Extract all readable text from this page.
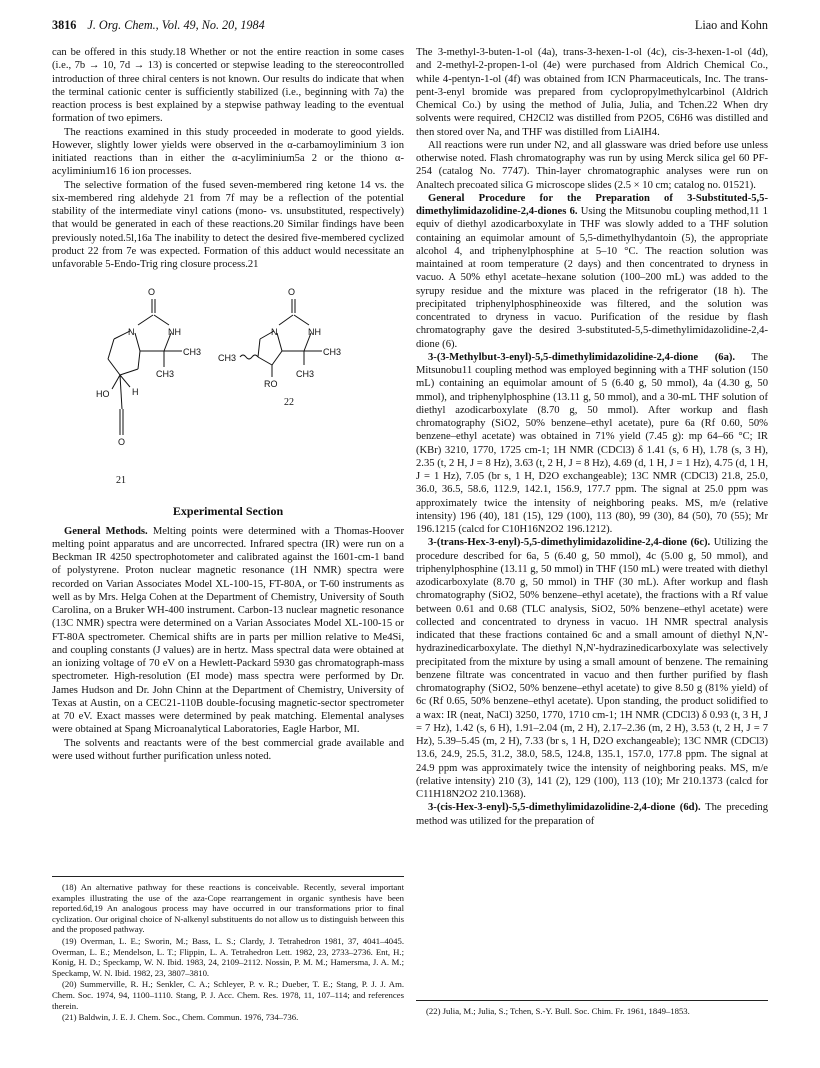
3816 J. Org. Chem., Vol. 49, No. 20, 1984	Liao and Kohn

can be offered in this study.18 Whether or not the entire reaction in some cases (i.e., 7b → 10, 7d → 13) is concerted or stepwise leading to the stereocontrolled introduction of three chiral centers is not known. Our results do indicate that when the terminal cationic center is sufficiently stabilized (i.e., beginning with 7a) the reaction process is best explained by a stepwise pathway leading to the eventual formation of two epimers.

The reactions examined in this study proceeded in moderate to good yields. However, slightly lower yields were observed in the α-carbamoyliminium 3 ion initiated reactions than in either the α-acyliminium5a 2 or the thiono α-acyliminium16 16 ion processes.

The selective formation of the fused seven-membered ring ketone 14 vs. the six-membered ring aldehyde 21 from 7f may be a reflection of the potential stability of the intermediate vinyl cations (mono- vs. unsubstituted, respectively) that would be generated in each of these reactions.20 Similar findings have been previously noted.5l,16a The inability to detect the desired five-membered cyclized product 22 from 7e was expected. Formation of this adduct would necessitate an unfavorable 5-Endo-Trig ring closure process.21

O
N	NH
CH3
CH3
HO	H
O
21
O
N	NH
CH3
CH3
RO
CH3
22
Experimental Section

General Methods. Melting points were determined with a Thomas-Hoover melting point apparatus and are uncorrected. Infrared spectra (IR) were run on a Beckman IR 4250 spectrophotometer and calibrated against the 1601-cm-1 band of polystyrene. Proton nuclear magnetic resonance (1H NMR) spectra were recorded on Varian Associates Model XL-100-15, FT-80A, or T-60 instruments as well as by Mrs. Helga Cohen at the Department of Chemistry, University of South Carolina, on a Bruker WH-400 instrument. Carbon-13 nuclear magnetic resonance (13C NMR) spectra were determined on a Varian Associates Model XL-100-15 or FT-80A spectrometer. Chemical shifts are in parts per million relative to Me4Si, and coupling constants (J values) are in hertz. Mass spectral data were obtained at an ionizing voltage of 70 eV on a Hewlett-Packard 5930 gas chromatograph-mass spectrometer. High-resolution (EI mode) mass spectra were performed by Dr. James Hudson and Dr. John Chinn at the Department of Chemistry, University of Texas at Austin, on a CEC21-110B double-focusing magnetic-sector spectrometer at 70 eV. Exact masses were determined by peak matching. Elemental analyses were obtained at Spang Microanalytical Laboratories, Eagle Harbor, MI.

The solvents and reactants were of the best commercial grade available and were used without further purification unless noted.

(18) An alternative pathway for these reactions is conceivable. Recently, several important examples illustrating the use of the aza-Cope rearrangement in organic synthesis have been reported.6d,19 An analogous process may have occurred in our transformations prior to final cyclization. Our original choice of N-alkenyl substituents do not allow us to distinguish between this and the proposed pathway.

(19) Overman, L. E.; Sworin, M.; Bass, L. S.; Clardy, J. Tetrahedron 1981, 37, 4041–4045. Overman, L. E.; Mendelson, L. T.; Flippin, L. A. Tetrahedron Lett. 1982, 23, 2733–2736. Ent, H.; Konig, H. D.; Speckamp, W. N. Ibid. 1983, 24, 2109–2112. Nossin, P. M. M.; Hamersma, J. A. M.; Speckamp, W. N. Ibid. 1982, 23, 3807–3810.

(20) Summerville, R. H.; Senkler, C. A.; Schleyer, P. v. R.; Dueber, T. E.; Stang, P. J. J. Am. Chem. Soc. 1974, 94, 1100–1110. Stang, P. J. Acc. Chem. Res. 1978, 11, 107–114; and references therein.

(21) Baldwin, J. E. J. Chem. Soc., Chem. Commun. 1976, 734–736.

The 3-methyl-3-buten-1-ol (4a), trans-3-hexen-1-ol (4c), cis-3-hexen-1-ol (4d), and 2-methyl-2-propen-1-ol (4e) were purchased from Aldrich Chemical Co., while 4-pentyn-1-ol (4f) was obtained from ICN Pharmaceuticals, Inc. The trans-pent-3-enyl bromide was prepared from cyclopropylmethylcarbinol (Aldrich Chemical Co.) by using the method of Julia, Julia, and Tchen.22 When dry solvents were required, CH2Cl2 was distilled from P2O5, C6H6 was distilled and then stored over Na, and THF was distilled from LiAlH4.

All reactions were run under N2, and all glassware was dried before use unless otherwise noted. Flash chromatography was run by using Merck silica gel 60 PF-254 (catalog No. 7747). Thin-layer chromatographic analyses were run on Analtech precoated silica G microscope slides (2.5 × 10 cm; catalog no. 01521).

General Procedure for the Preparation of 3-Substituted-5,5-dimethylimidazolidine-2,4-diones 6. Using the Mitsunobu coupling method,11 1 equiv of diethyl azodicarboxylate in THF was slowly added to a THF solution containing an equimolar amount of 5,5-dimethylhydantoin (5), the appropriate alcohol 4, and triphenylphosphine at 5–10 °C. The reaction solution was maintained at room temperature (2 days) and then concentrated to dryness in vacuo. A 50% ethyl acetate–hexane solution (100–200 mL) was added to the syrupy residue and the mixture was placed in the refrigerator (18 h). The precipitated triphenylphosphineoxide was filtered, and the solution was concentrated to dryness in vacuo. Purification of the residue by flash chromatography gave the desired 3-substituted-5,5-dimethylimidazolidine-2,4-dione (6).

3-(3-Methylbut-3-enyl)-5,5-dimethylimidazolidine-2,4-dione (6a). The Mitsunobu11 coupling method was employed beginning with a THF solution (150 mL) containing an equimolar amount of 5 (6.40 g, 50 mmol), 4a (4.30 g, 50 mmol), and triphenylphosphine (13.11 g, 50 mmol), and a 30-mL THF solution of diethyl azodicarboxylate (8.70 g, 50 mmol). After workup and flash chromatography (SiO2, 50% benzene–ethyl acetate), pure 6a (Rf 0.60, 50% benzene–ethyl acetate) was obtained in 71% yield (7.45 g): mp 64–66 °C; IR (KBr) 3210, 1770, 1725 cm-1; 1H NMR (CDCl3) δ 1.41 (s, 6 H), 1.78 (s, 3 H), 2.35 (t, 2 H, J = 8 Hz), 3.63 (t, 2 H, J = 8 Hz), 4.69 (d, 1 H, J = 1 Hz), 4.75 (d, 1 H, J = 1 Hz), 7.05 (br s, 1 H, D2O exchangeable); 13C NMR (CDCl3) 21.8, 25.0, 36.0, 36.5, 58.6, 112.9, 142.1, 156.9, 177.7 ppm. The signal at 25.0 ppm was approximately twice the intensity of neighboring peaks. MS, m/e (relative intensity) 196 (40), 181 (15), 129 (100), 113 (80), 99 (30), 84 (50), 70 (55); Mr 196.1215 (calcd for C10H16N2O2 196.1212).

3-(trans-Hex-3-enyl)-5,5-dimethylimidazolidine-2,4-dione (6c). Utilizing the procedure described for 6a, 5 (6.40 g, 50 mmol), 4c (5.00 g, 50 mmol), and triphenylphosphine (13.11 g, 50 mmol) in THF (150 mL) were treated with diethyl azodicarboxylate (8.70 g, 50 mmol) in THF (30 mL). After workup and flash chromatography (SiO2, 50% benzene–ethyl acetate), the fractions with a Rf value between 0.61 and 0.68 (TLC analysis, SiO2, 50% benzene–ethyl acetate) were collected and concentrated to dryness in vacuo. 1H NMR spectral analysis indicated that these fractions contained 6c and a small amount of diethyl N,N'-hydrazinedicarboxylate. The diethyl N,N'-hydrazinedicarboxylate was selectively precipitated from the mixture by using a small amount of benzene. The remaining benzene filtrate was concentrated in vacuo and then further purified by flash chromatography (SiO2, 50% benzene–ethyl acetate) to give 8.50 g (81% yield) of 6c (Rf 0.65, 50% benzene–ethyl acetate). Upon standing, the product solidified to a wax: IR (neat, NaCl) 3250, 1770, 1710 cm-1; 1H NMR (CDCl3) δ 0.93 (t, 3 H, J = 7 Hz), 1.42 (s, 6 H), 1.91–2.04 (m, 2 H), 2.17–2.36 (m, 2 H), 3.53 (t, 2 H, J = 7 Hz), 5.39–5.45 (m, 2 H), 7.33 (br s, 1 H, D2O exchangeable); 13C NMR (CDCl3) 13.6, 24.9, 25.5, 31.2, 38.0, 58.5, 124.8, 135.1, 157.0, 177.8 ppm. The signal at 24.9 ppm was approximately twice the intensity of neighboring peaks. MS, m/e (relative intensity) 210 (3), 141 (2), 129 (100), 113 (10); Mr 210.1373 (calcd for C11H18N2O2 210.1368).

3-(cis-Hex-3-enyl)-5,5-dimethylimidazolidine-2,4-dione (6d). The preceding method was utilized for the preparation of

(22) Julia, M.; Julia, S.; Tchen, S.-Y. Bull. Soc. Chim. Fr. 1961, 1849–1853.
